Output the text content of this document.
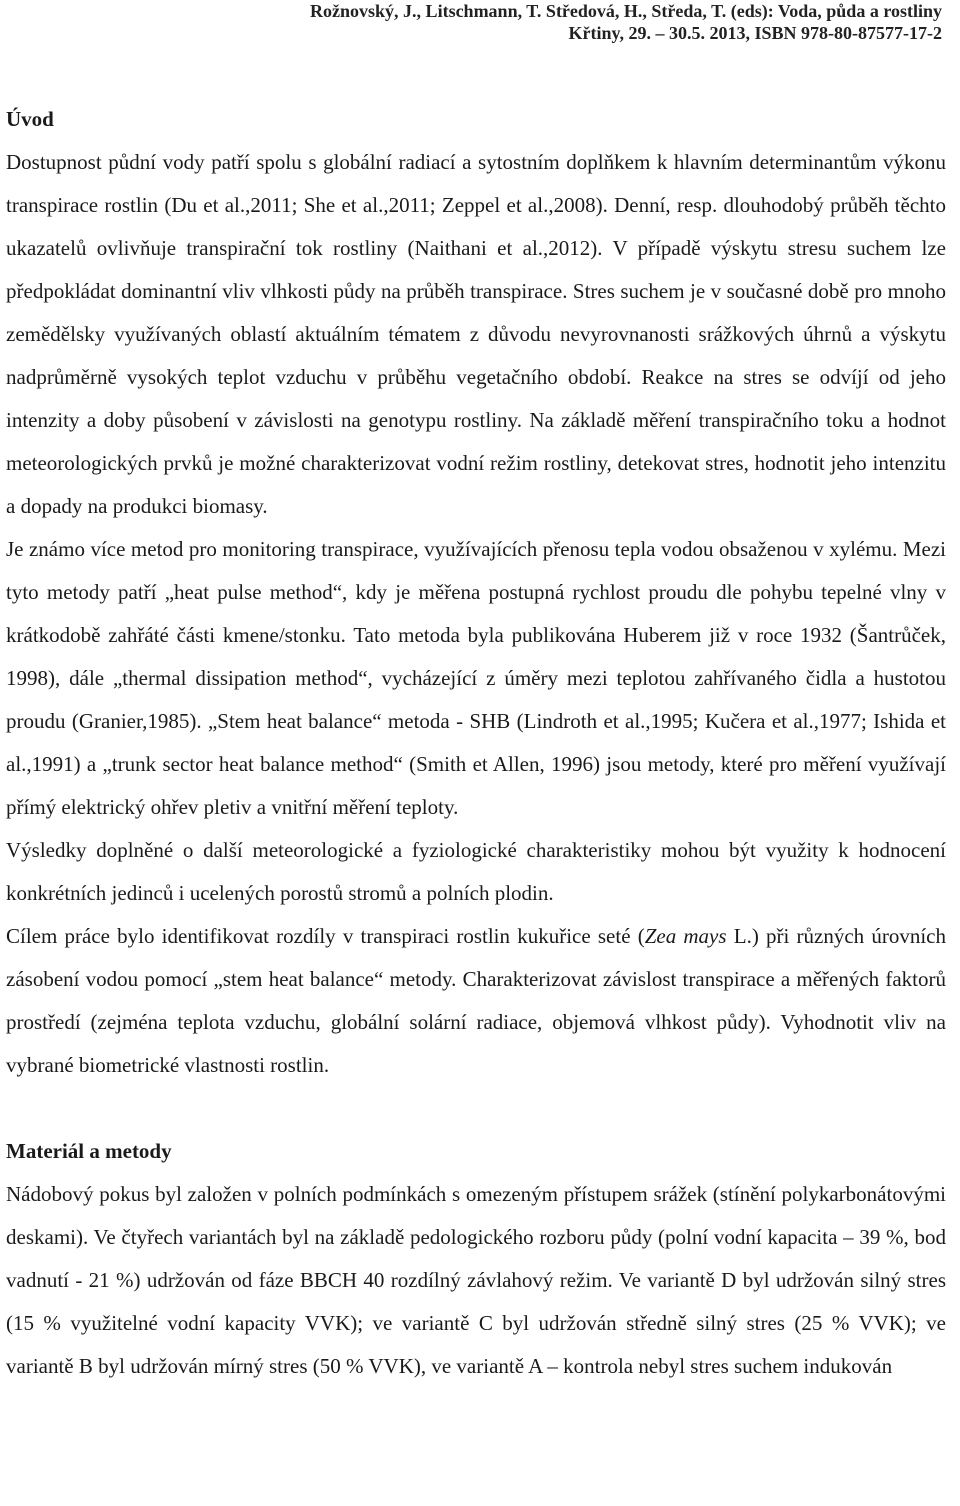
Rožnovský, J., Litschmann, T. Středová, H., Středa, T. (eds): Voda, půda a rostliny
Křtiny, 29. – 30.5. 2013, ISBN 978-80-87577-17-2
Úvod
Dostupnost půdní vody patří spolu s globální radiací a sytostním doplňkem k hlavním determinantům výkonu transpirace rostlin (Du et al.,2011; She et al.,2011; Zeppel et al.,2008). Denní, resp. dlouhodobý průběh těchto ukazatelů ovlivňuje transpirační tok rostliny (Naithani et al.,2012). V případě výskytu stresu suchem lze předpokládat dominantní vliv vlhkosti půdy na průběh transpirace. Stres suchem je v současné době pro mnoho zemědělsky využívaných oblastí aktuálním tématem z důvodu nevyrovnanosti srážkových úhrnů a výskytu nadprůměrně vysokých teplot vzduchu v průběhu vegetačního období. Reakce na stres se odvíjí od jeho intenzity a doby působení v závislosti na genotypu rostliny. Na základě měření transpiračního toku a hodnot meteorologických prvků je možné charakterizovat vodní režim rostliny, detekovat stres, hodnotit jeho intenzitu a dopady na produkci biomasy.
Je známo více metod pro monitoring transpirace, využívajících přenosu tepla vodou obsaženou v xylému. Mezi tyto metody patří „heat pulse method“, kdy je měřena postupná rychlost proudu dle pohybu tepelné vlny v krátkodobě zahřáté části kmene/stonku. Tato metoda byla publikována Huberem již v roce 1932 (Šantrůček, 1998), dále „thermal dissipation method“, vycházející z úměry mezi teplotou zahřívaného čidla a hustotou proudu (Granier,1985). „Stem heat balance“ metoda - SHB (Lindroth et al.,1995; Kučera et al.,1977; Ishida et al.,1991) a „trunk sector heat balance method“ (Smith et Allen, 1996) jsou metody, které pro měření využívají přímý elektrický ohřev pletiv a vnitřní měření teploty.
Výsledky doplněné o další meteorologické a fyziologické charakteristiky mohou být využity k hodnocení konkrétních jedinců i ucelených porostů stromů a polních plodin.
Cílem práce bylo identifikovat rozdíly v transpiraci rostlin kukuřice seté (Zea mays L.) při různých úrovních zásobení vodou pomocí „stem heat balance“ metody. Charakterizovat závislost transpirace a měřených faktorů prostředí (zejména teplota vzduchu, globální solární radiace, objemová vlhkost půdy). Vyhodnotit vliv na vybrané biometrické vlastnosti rostlin.
Materiál a metody
Nádobový pokus byl založen v polních podmínkách s omezeným přístupem srážek (stínění polykarbonátovými deskami). Ve čtyřech variantách byl na základě pedologického rozboru půdy (polní vodní kapacita – 39 %, bod vadnutí - 21 %) udržován od fáze BBCH 40 rozdílný závlahový režim. Ve variantě D byl udržován silný stres (15 % využitelné vodní kapacity VVK); ve variantě C byl udržován středně silný stres (25 % VVK); ve variantě B byl udržován mírný stres (50 % VVK), ve variantě A – kontrola nebyl stres suchem indukován
